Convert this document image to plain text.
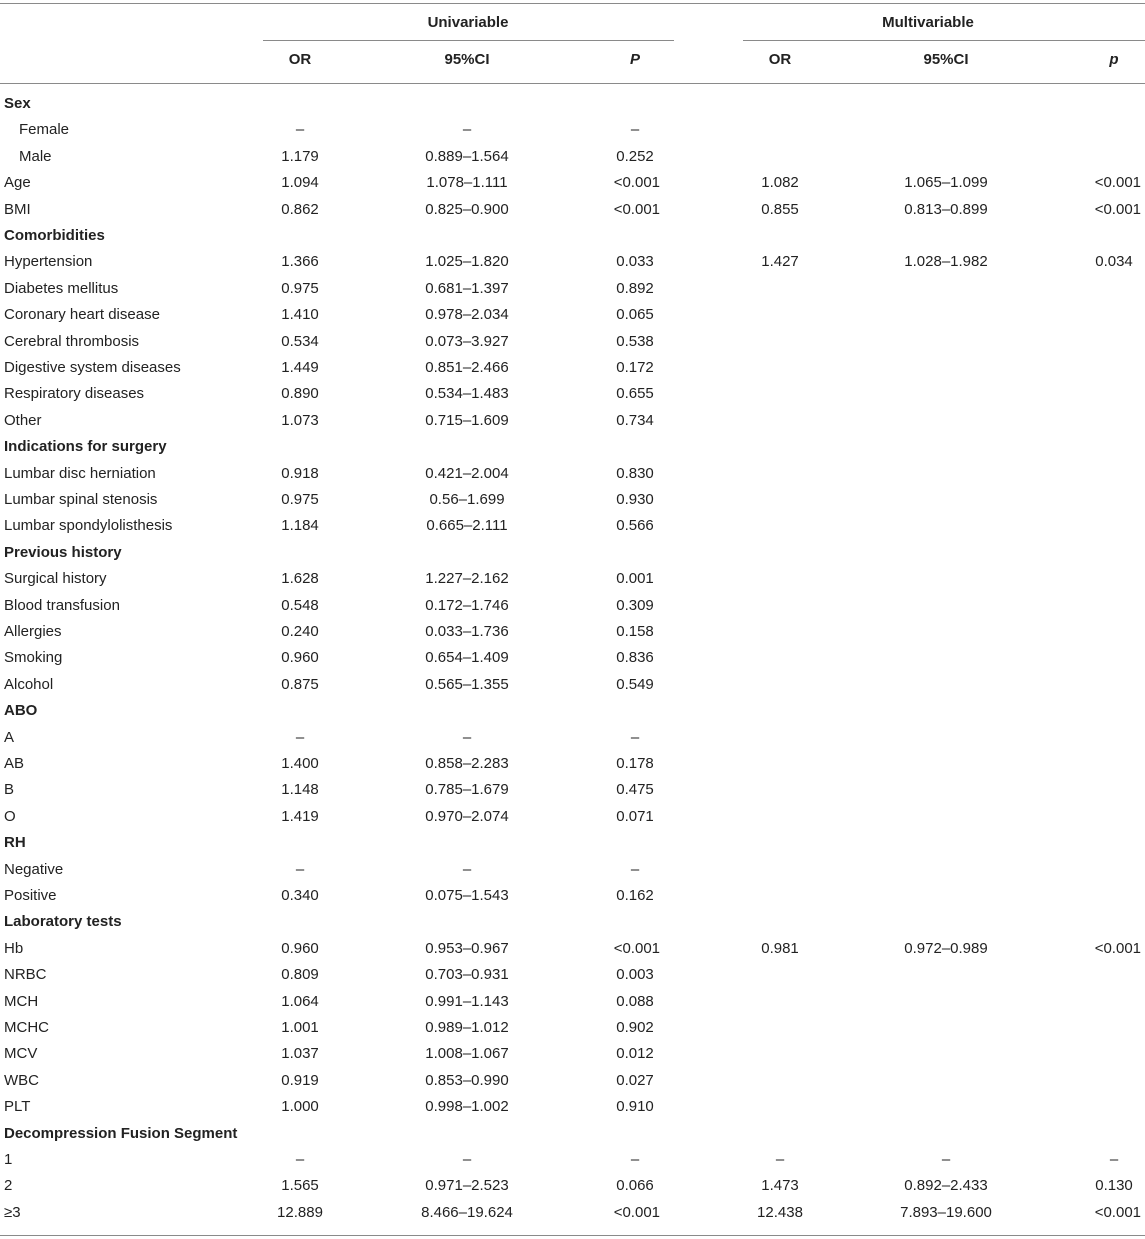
Univariable	Multivariable
OR	95%CI	P	OR	95%CI	p
Sex
Female	–	–	–
Male	1.179	0.889–1.564	0.252
Age	1.094	1.078–1.111	<0.001	1.082	1.065–1.099	<0.001
BMI	0.862	0.825–0.900	<0.001	0.855	0.813–0.899	<0.001
Comorbidities
Hypertension	1.366	1.025–1.820	0.033	1.427	1.028–1.982	0.034
Diabetes mellitus	0.975	0.681–1.397	0.892
Coronary heart disease	1.410	0.978–2.034	0.065
Cerebral thrombosis	0.534	0.073–3.927	0.538
Digestive system diseases	1.449	0.851–2.466	0.172
Respiratory diseases	0.890	0.534–1.483	0.655
Other	1.073	0.715–1.609	0.734
Indications for surgery
Lumbar disc herniation	0.918	0.421–2.004	0.830
Lumbar spinal stenosis	0.975	0.56–1.699	0.930
Lumbar spondylolisthesis	1.184	0.665–2.111	0.566
Previous history
Surgical history	1.628	1.227–2.162	0.001
Blood transfusion	0.548	0.172–1.746	0.309
Allergies	0.240	0.033–1.736	0.158
Smoking	0.960	0.654–1.409	0.836
Alcohol	0.875	0.565–1.355	0.549
ABO
A	–	–	–
AB	1.400	0.858–2.283	0.178
B	1.148	0.785–1.679	0.475
O	1.419	0.970–2.074	0.071
RH
Negative	–	–	–
Positive	0.340	0.075–1.543	0.162
Laboratory tests
Hb	0.960	0.953–0.967	<0.001	0.981	0.972–0.989	<0.001
NRBC	0.809	0.703–0.931	0.003
MCH	1.064	0.991–1.143	0.088
MCHC	1.001	0.989–1.012	0.902
MCV	1.037	1.008–1.067	0.012
WBC	0.919	0.853–0.990	0.027
PLT	1.000	0.998–1.002	0.910
Decompression Fusion Segment
1	–	–	–	–	–	–
2	1.565	0.971–2.523	0.066	1.473	0.892–2.433	0.130
≥3	12.889	8.466–19.624	<0.001	12.438	7.893–19.600	<0.001
